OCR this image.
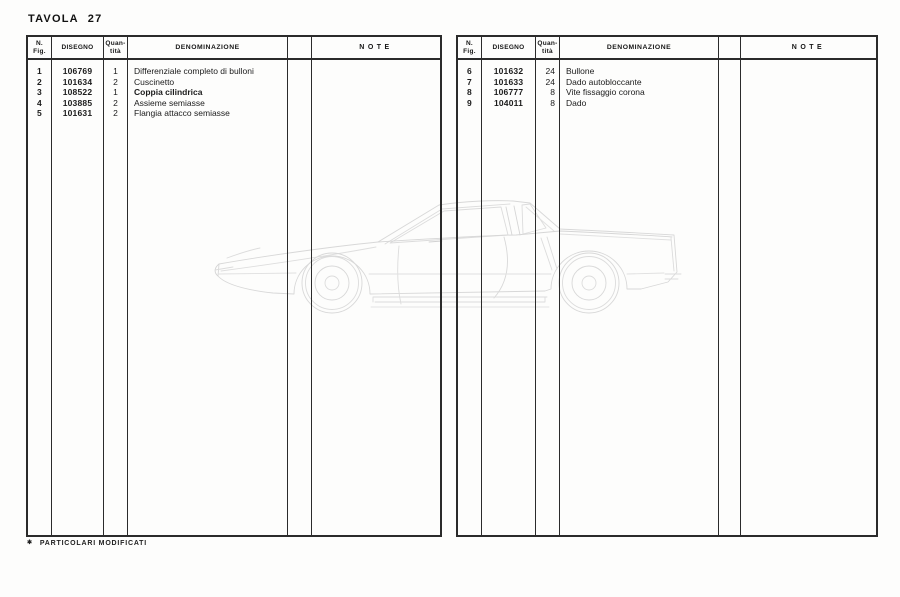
TAVOLA 27
N.
Fig.
1
2
3
4
5
DISEGNO
106769
101634
108522
103885
101631
Quan-
tità
1
2
1
2
2
DENOMINAZIONE
Differenziale completo di bulloni
Cuscinetto
Coppia cilindrica
Assieme semiasse
Flangia attacco semiasse
NOTE
N.
Fig.
6
7
8
9
DISEGNO
101632
101633
106777
104011
Quan-
tità
24
24
8
8
DENOMINAZIONE
Bullone
Dado autobloccante
Vite fissaggio corona
Dado
NOTE
✱ PARTICOLARI MODIFICATI
